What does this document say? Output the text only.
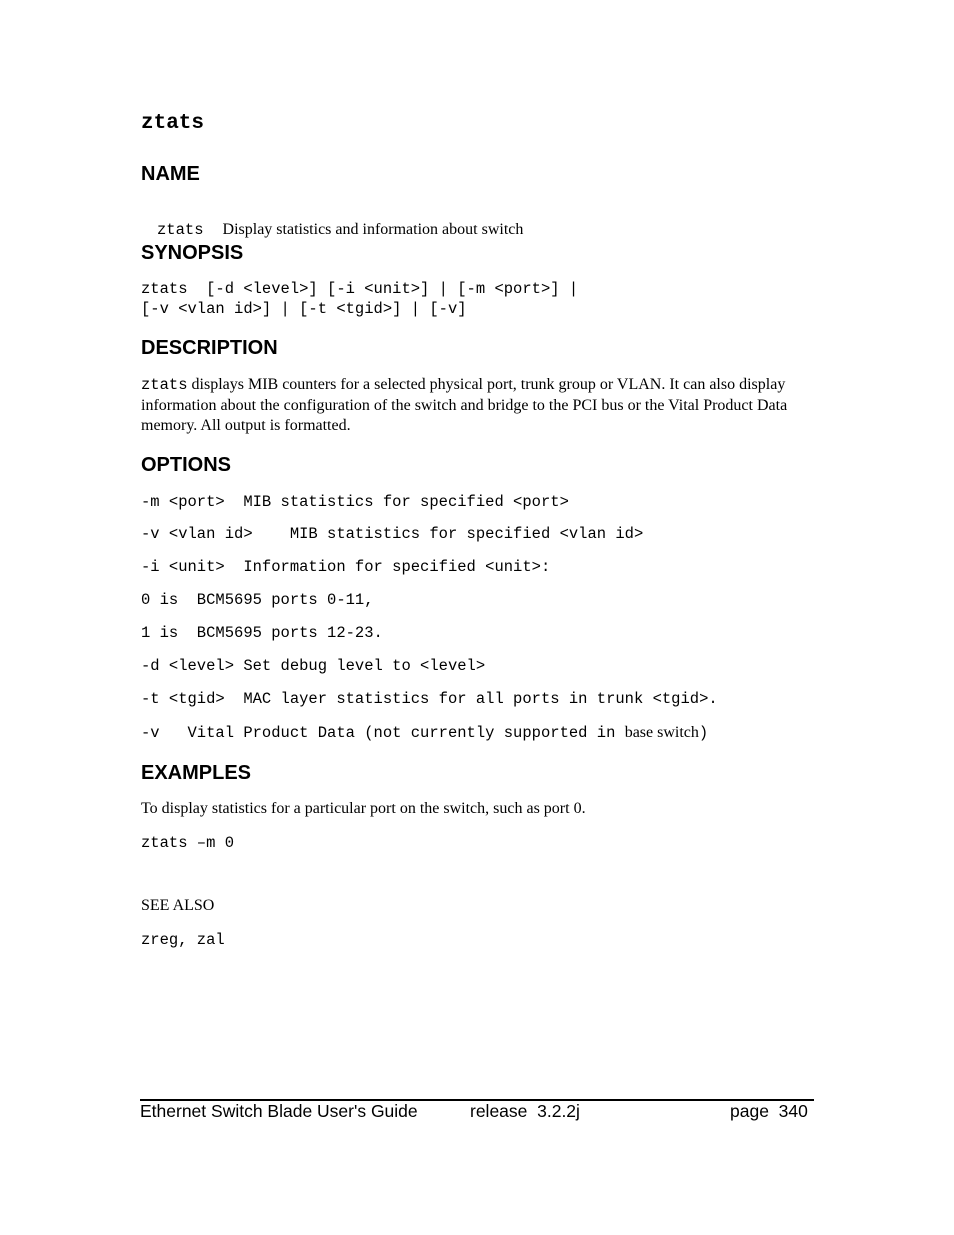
ztats
NAME

ztats Display statistics and information about switch

SYNOPSIS
ztats  [-d <level>] [-i <unit>] | [-m <port>] |
[-v <vlan id>] | [-t <tgid>] | [-v]
DESCRIPTION
ztats displays MIB counters for a selected physical port, trunk group or VLAN. It can also display information about the configuration of the switch and bridge to the PCI bus or the Vital Product Data memory. All output is formatted.
OPTIONS
-m <port>  MIB statistics for specified <port>
-v <vlan id>    MIB statistics for specified <vlan id>
-i <unit>  Information for specified <unit>:
0 is  BCM5695 ports 0-11,
1 is  BCM5695 ports 12-23.
-d <level> Set debug level to <level>
-t <tgid>  MAC layer statistics for all ports in trunk <tgid>.
-v   Vital Product Data (not currently supported in base switch)
EXAMPLES
To display statistics for a particular port on the switch, such as port 0.
ztats –m 0
SEE ALSO
zreg, zal
Ethernet Switch Blade User's Guide	release  3.2.2j	page  340
